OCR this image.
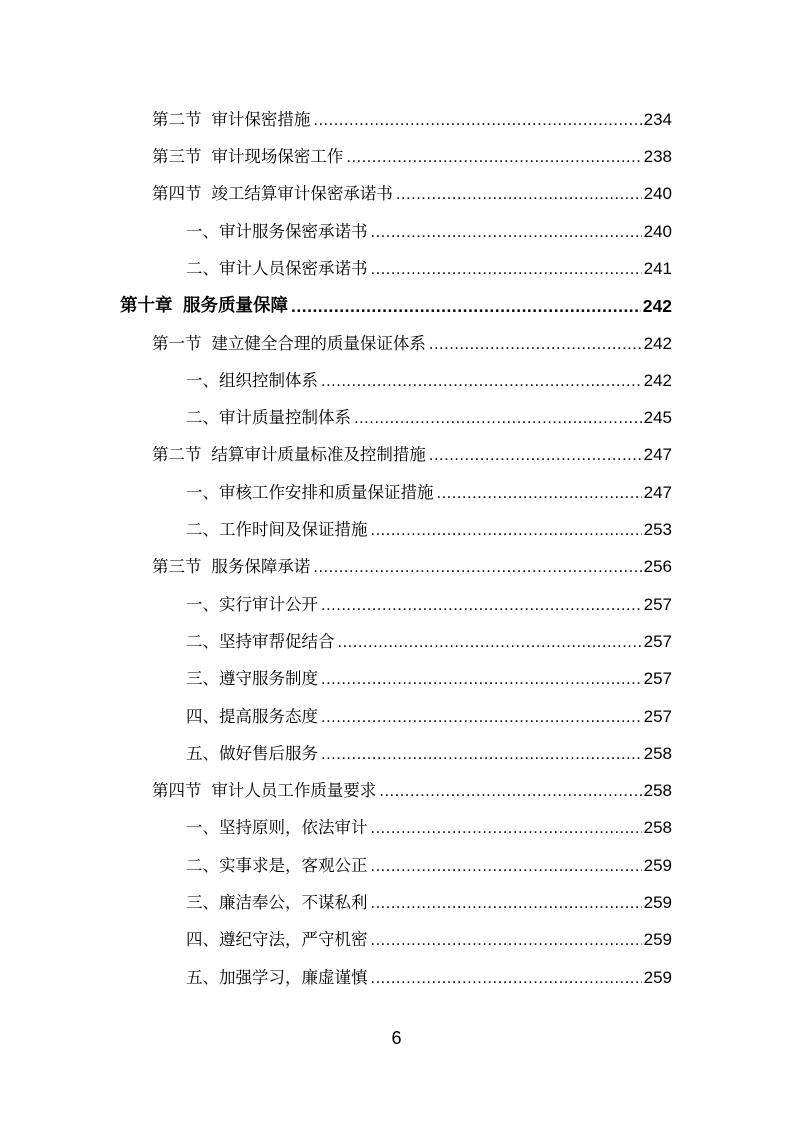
第二节 审计保密措施 .....	234
第三节 审计现场保密工作 .....	238
第四节 竣工结算审计保密承诺书 .....	240
一、 审计服务保密承诺书 .....	240
二、 审计人员保密承诺书 .....	241
第十章 服务质量保障 .....	242
第一节 建立健全合理的质量保证体系 .....	242
一、 组织控制体系 .....	242
二、 审计质量控制体系 .....	245
第二节 结算审计质量标准及控制措施 .....	247
一、 审核工作安排和质量保证措施 .....	247
二、 工作时间及保证措施 .....	253
第三节 服务保障承诺 .....	256
一、 实行审计公开 .....	257
二、 坚持审帮促结合 .....	257
三、 遵守服务制度 .....	257
四、 提高服务态度 .....	257
五、 做好售后服务 .....	258
第四节 审计人员工作质量要求 .....	258
一、 坚持原则，依法审计 .....	258
二、 实事求是，客观公正 .....	259
三、 廉洁奉公，不谋私利 .....	259
四、 遵纪守法，严守机密 .....	259
五、 加强学习，廉虚谨慎 .....	259
6
